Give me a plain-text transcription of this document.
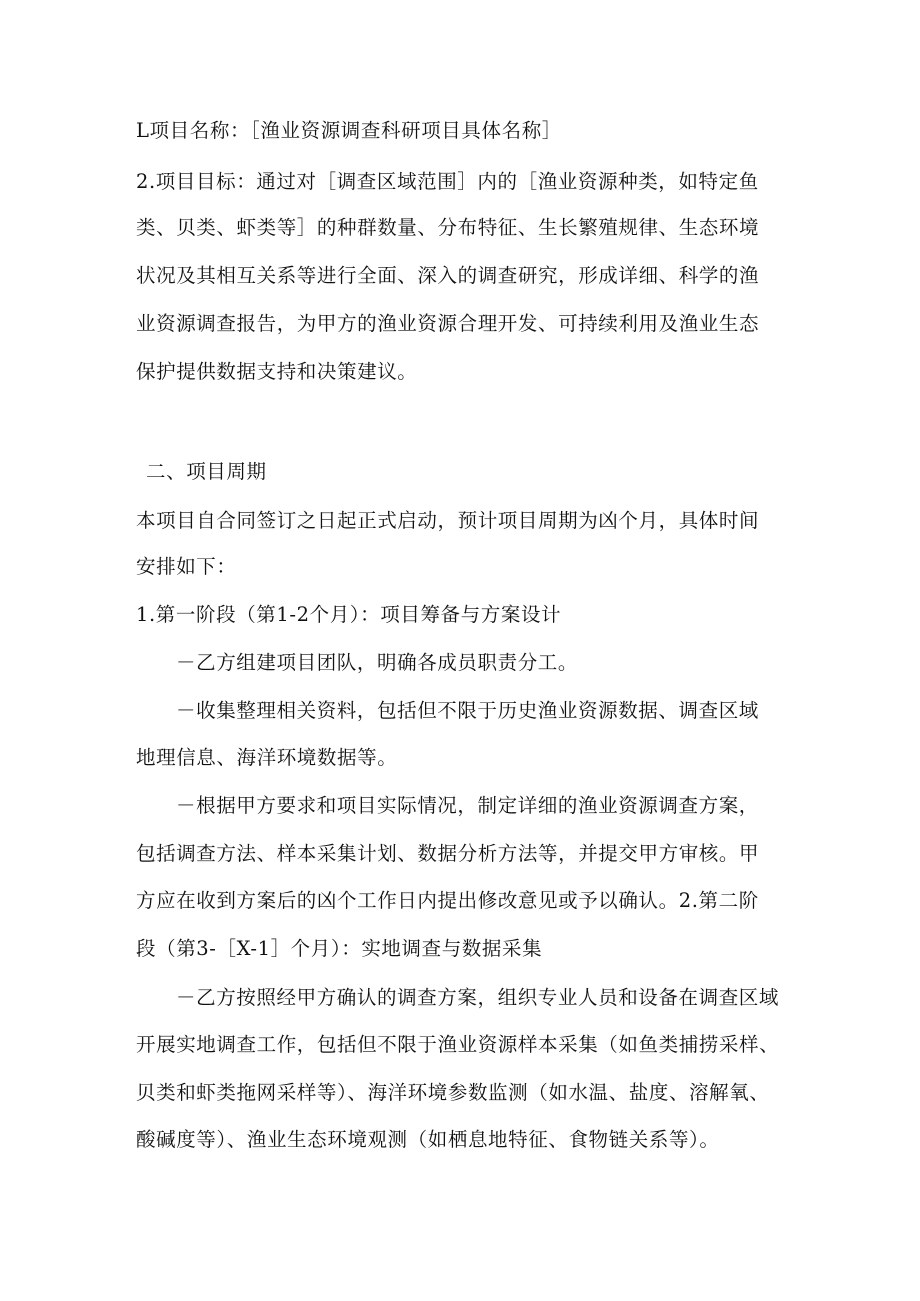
L项目名称：［渔业资源调查科研项目具体名称］
2.项目目标：通过对［调查区域范围］内的［渔业资源种类，如特定鱼
类、贝类、虾类等］的种群数量、分布特征、生长繁殖规律、生态环境
状况及其相互关系等进行全面、深入的调查研究，形成详细、科学的渔
业资源调查报告，为甲方的渔业资源合理开发、可持续利用及渔业生态
保护提供数据支持和决策建议。
二、项目周期
本项目自合同签订之日起正式启动，预计项目周期为凶个月，具体时间
安排如下：
1.第一阶段（第1-2个月）：项目筹备与方案设计
－乙方组建项目团队，明确各成员职责分工。
－收集整理相关资料，包括但不限于历史渔业资源数据、调查区域
地理信息、海洋环境数据等。
－根据甲方要求和项目实际情况，制定详细的渔业资源调查方案，
包括调查方法、样本采集计划、数据分析方法等，并提交甲方审核。甲
方应在收到方案后的凶个工作日内提出修改意见或予以确认。2.第二阶
段（第3-［X-1］个月）：实地调查与数据采集
－乙方按照经甲方确认的调查方案，组织专业人员和设备在调查区域
开展实地调查工作，包括但不限于渔业资源样本采集（如鱼类捕捞采样、
贝类和虾类拖网采样等）、海洋环境参数监测（如水温、盐度、溶解氧、
酸碱度等）、渔业生态环境观测（如栖息地特征、食物链关系等）。
